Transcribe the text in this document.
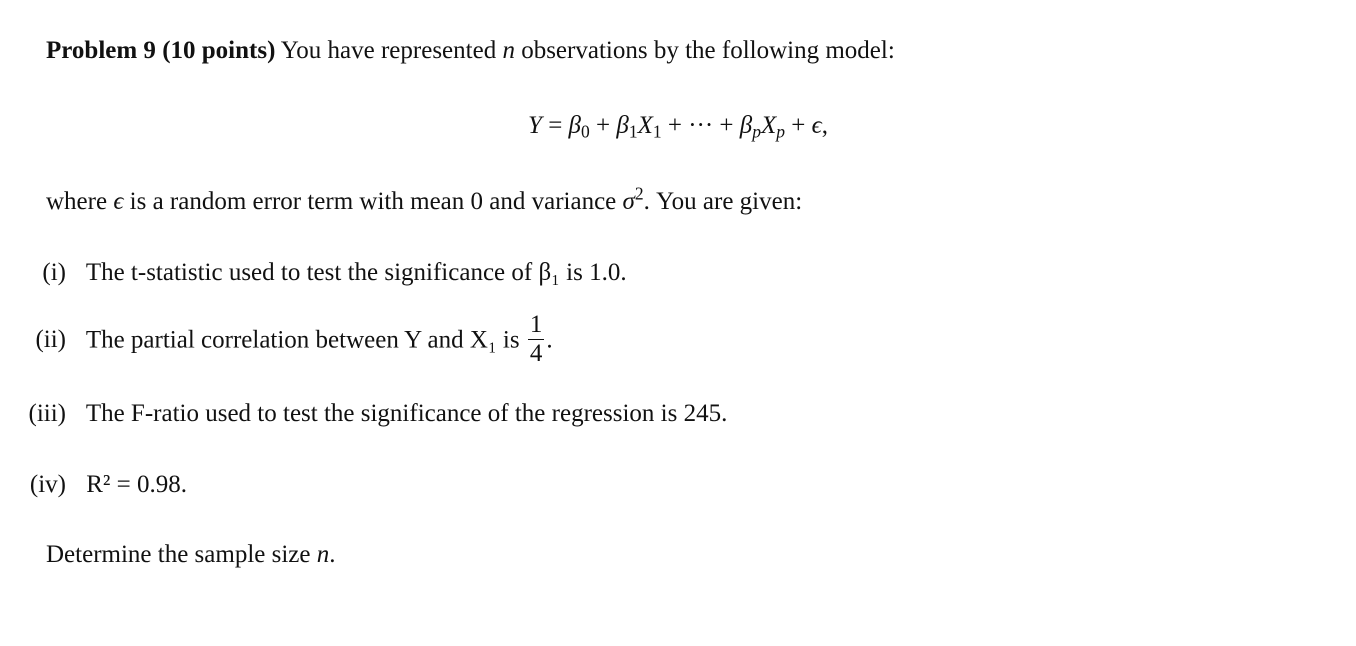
Problem 9 (10 points) You have represented n observations by the following model:
$Y = \beta_0 + \beta_1X_1$ + ··· + $\beta_pX_p + \epsilon$,
where ϵ is a random error term with mean 0 and variance $\sigma^2$. You are given:
(i) The t-statistic used to test the significance of β₁ is 1.0.
(ii) The partial correlation between Y and X₁ is $\frac{1}{4}$ .
(iii) The F-ratio used to test the significance of the regression is 245.
(iv) R² = 0.98.
Determine the sample size n.
